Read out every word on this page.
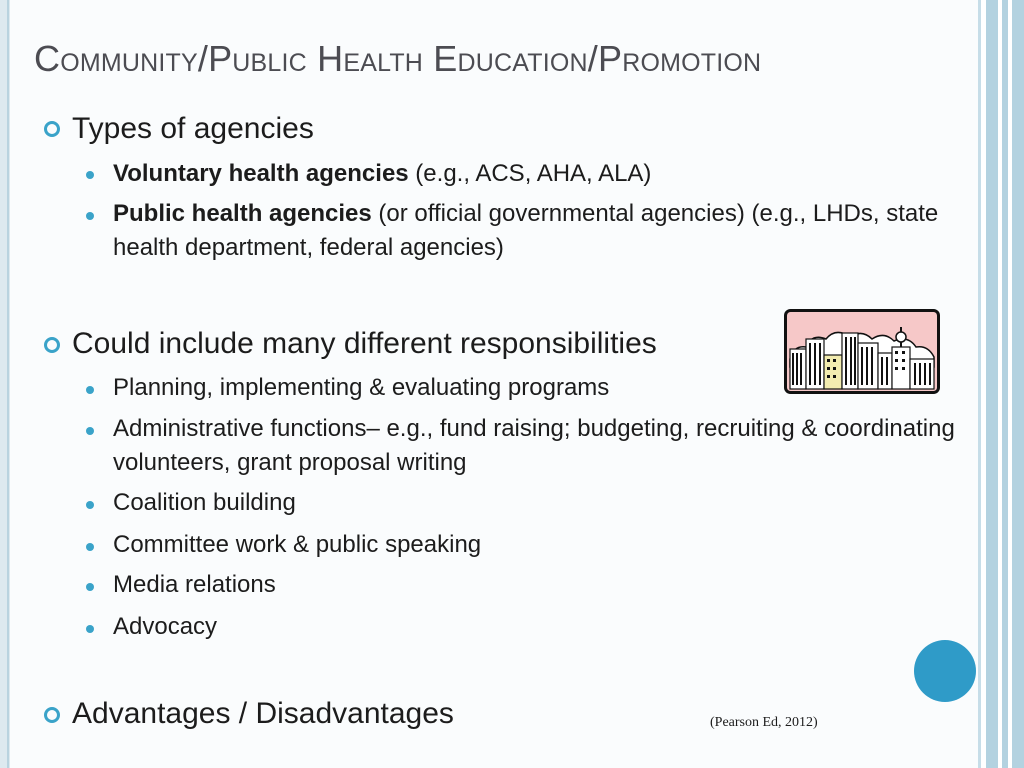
Community/Public Health Education/Promotion
Types of agencies
Voluntary health agencies (e.g., ACS, AHA, ALA)
Public health agencies (or official governmental agencies) (e.g., LHDs, state health department, federal agencies)
Could include many different responsibilities
Planning, implementing & evaluating programs
Administrative functions– e.g., fund raising; budgeting, recruiting & coordinating volunteers, grant proposal writing
Coalition building
Committee work & public speaking
Media relations
Advocacy
Advantages / Disadvantages	(Pearson Ed, 2012)
